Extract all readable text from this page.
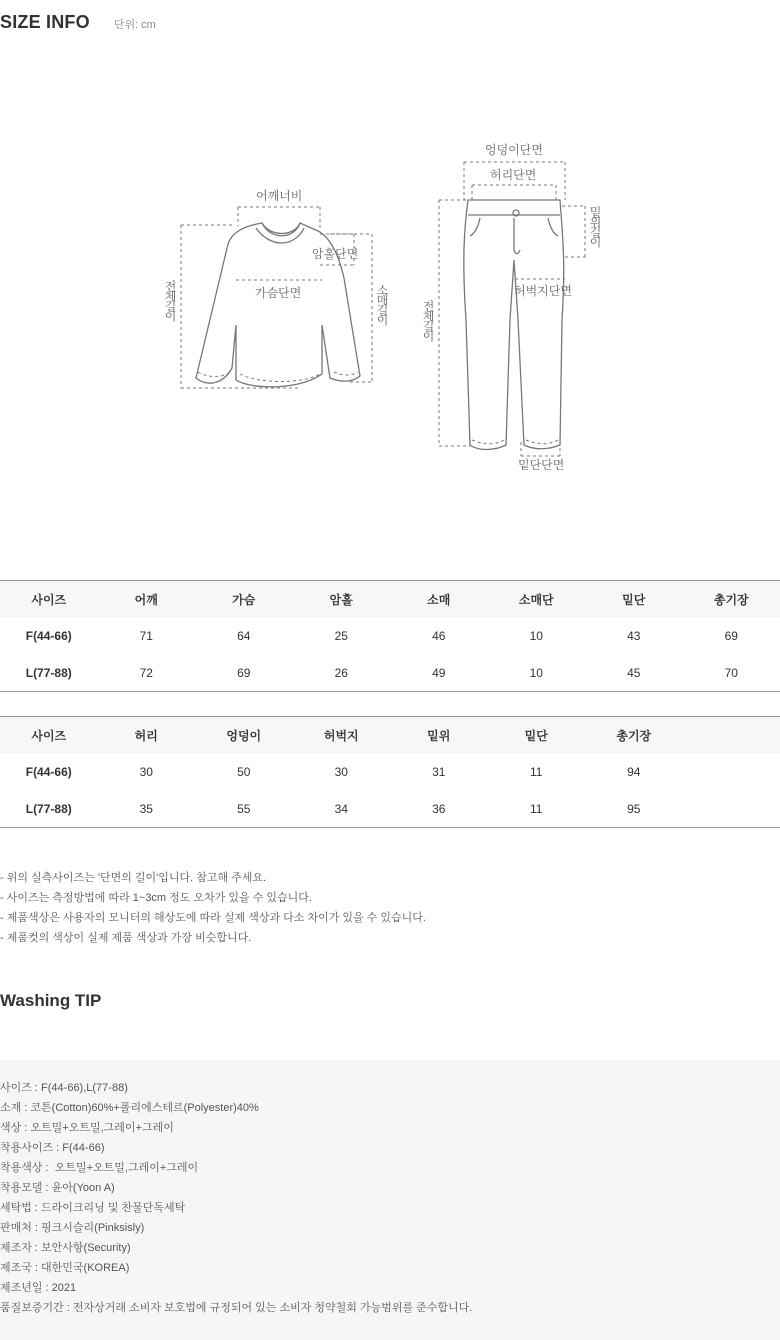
SIZE INFO 단위: cm
어깨너비
암홀단면
가슴단면
전체길이	소매길이
엉덩이단면
허리단면
밑위길이
허벅지단면
전체길이
밑단단면
사이즈	어깨	가슴	암홀	소매	소매단	밑단	총기장
F(44-66)	71	64	25	46	10	43	69
L(77-88)	72	69	26	49	10	45	70
사이즈	허리	엉덩이	허벅지	밑위	밑단	총기장	
F(44-66)	30	50	30	31	11	94	
L(77-88)	35	55	34	36	11	95	
- 위의 실측사이즈는 '단면의 길이'입니다. 참고해 주세요.
- 사이즈는 측정방법에 따라 1~3cm 정도 오차가 있을 수 있습니다.
- 제품색상은 사용자의 모니터의 해상도에 따라 실제 색상과 다소 차이가 있을 수 있습니다.
- 제품컷의 색상이 실제 제품 색상과 가장 비슷합니다.
Washing TIP
사이즈 : F(44-66),L(77-88)
소재 : 코튼(Cotton)60%+폴리에스테르(Polyester)40%
색상 : 오트밀+오트밀,그레이+그레이
착용사이즈 : F(44-66)
착용색상 :  오트밀+오트밀,그레이+그레이
착용모델 : 윤아(Yoon A)
세탁법 : 드라이크리닝 및 찬물단독세탁
판매처 : 핑크시슬리(Pinksisly)
제조자 : 보안사항(Security)
제조국 : 대한민국(KOREA)
제조년일 : 2021
품질보증기간 : 전자상거래 소비자 보호법에 규정되어 있는 소비자 청약철회 가능범위를 준수합니다.
